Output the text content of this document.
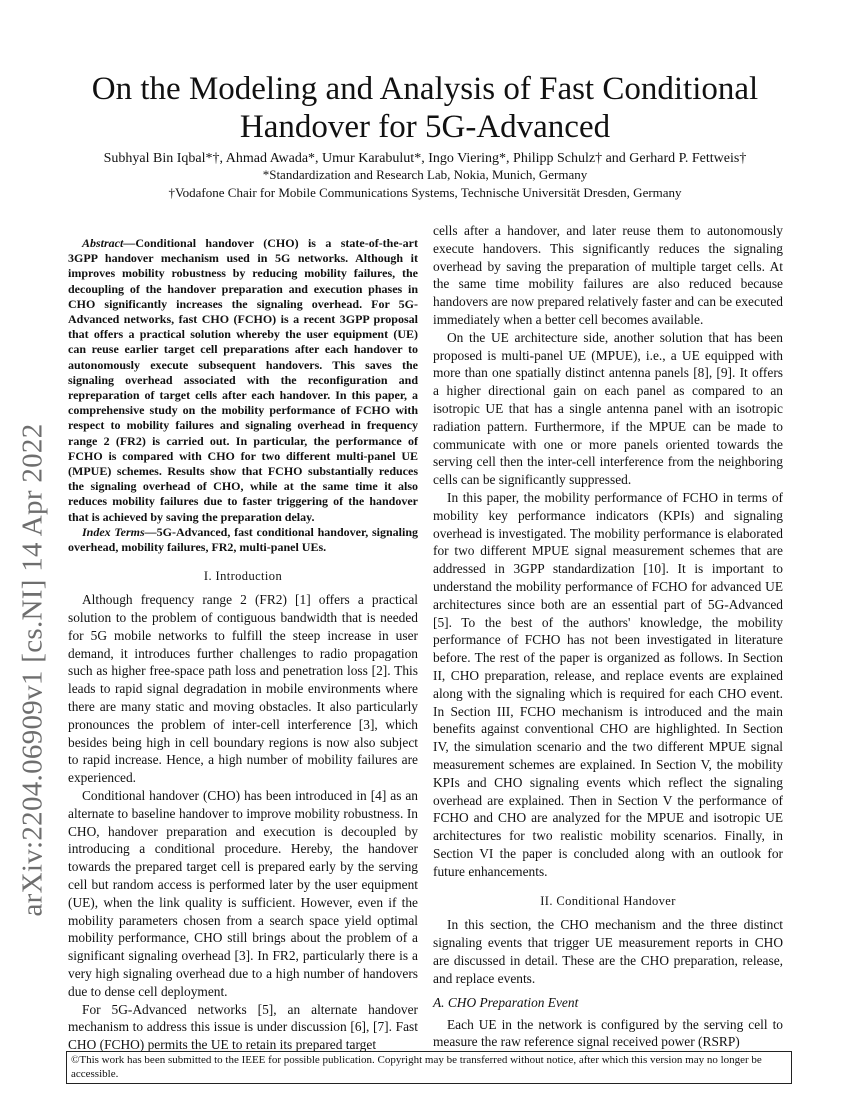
arXiv:2204.06909v1 [cs.NI] 14 Apr 2022
On the Modeling and Analysis of Fast Conditional
Handover for 5G-Advanced
Subhyal Bin Iqbal*†, Ahmad Awada*, Umur Karabulut*, Ingo Viering*, Philipp Schulz† and Gerhard P. Fettweis†
*Standardization and Research Lab, Nokia, Munich, Germany
†Vodafone Chair for Mobile Communications Systems, Technische Universität Dresden, Germany

Abstract—Conditional handover (CHO) is a state-of-the-art 3GPP handover mechanism used in 5G networks. Although it improves mobility robustness by reducing mobility failures, the decoupling of the handover preparation and execution phases in CHO significantly increases the signaling overhead. For 5G-Advanced networks, fast CHO (FCHO) is a recent 3GPP proposal that offers a practical solution whereby the user equipment (UE) can reuse earlier target cell preparations after each handover to autonomously execute subsequent handovers. This saves the signaling overhead associated with the reconfiguration and repreparation of target cells after each handover. In this paper, a comprehensive study on the mobility performance of FCHO with respect to mobility failures and signaling overhead in frequency range 2 (FR2) is carried out. In particular, the performance of FCHO is compared with CHO for two different multi-panel UE (MPUE) schemes. Results show that FCHO substantially reduces the signaling overhead of CHO, while at the same time it also reduces mobility failures due to faster triggering of the handover that is achieved by saving the preparation delay.

Index Terms—5G-Advanced, fast conditional handover, signaling overhead, mobility failures, FR2, multi-panel UEs.

I. Introduction

Although frequency range 2 (FR2) [1] offers a practical solution to the problem of contiguous bandwidth that is needed for 5G mobile networks to fulfill the steep increase in user demand, it introduces further challenges to radio propagation such as higher free-space path loss and penetration loss [2]. This leads to rapid signal degradation in mobile environments where there are many static and moving obstacles. It also particularly pronounces the problem of inter-cell interference [3], which besides being high in cell boundary regions is now also subject to rapid increase. Hence, a high number of mobility failures are experienced.

Conditional handover (CHO) has been introduced in [4] as an alternate to baseline handover to improve mobility robustness. In CHO, handover preparation and execution is decoupled by introducing a conditional procedure. Hereby, the handover towards the prepared target cell is prepared early by the serving cell but random access is performed later by the user equipment (UE), when the link quality is sufficient. However, even if the mobility parameters chosen from a search space yield optimal mobility performance, CHO still brings about the problem of a significant signaling overhead [3]. In FR2, particularly there is a very high signaling overhead due to a high number of handovers due to dense cell deployment.

For 5G-Advanced networks [5], an alternate handover mechanism to address this issue is under discussion [6], [7]. Fast CHO (FCHO) permits the UE to retain its prepared target

cells after a handover, and later reuse them to autonomously execute handovers. This significantly reduces the signaling overhead by saving the preparation of multiple target cells. At the same time mobility failures are also reduced because handovers are now prepared relatively faster and can be executed immediately when a better cell becomes available.

On the UE architecture side, another solution that has been proposed is multi-panel UE (MPUE), i.e., a UE equipped with more than one spatially distinct antenna panels [8], [9]. It offers a higher directional gain on each panel as compared to an isotropic UE that has a single antenna panel with an isotropic radiation pattern. Furthermore, if the MPUE can be made to communicate with one or more panels oriented towards the serving cell then the inter-cell interference from the neighboring cells can be significantly suppressed.

In this paper, the mobility performance of FCHO in terms of mobility key performance indicators (KPIs) and signaling overhead is investigated. The mobility performance is elaborated for two different MPUE signal measurement schemes that are addressed in 3GPP standardization [10]. It is important to understand the mobility performance of FCHO for advanced UE architectures since both are an essential part of 5G-Advanced [5]. To the best of the authors' knowledge, the mobility performance of FCHO has not been investigated in literature before. The rest of the paper is organized as follows. In Section II, CHO preparation, release, and replace events are explained along with the signaling which is required for each CHO event. In Section III, FCHO mechanism is introduced and the main benefits against conventional CHO are highlighted. In Section IV, the simulation scenario and the two different MPUE signal measurement schemes are explained. In Section V, the mobility KPIs and CHO signaling events which reflect the signaling overhead are explained. Then in Section V the performance of FCHO and CHO are analyzed for the MPUE and isotropic UE architectures for two realistic mobility scenarios. Finally, in Section VI the paper is concluded along with an outlook for future enhancements.

II. Conditional Handover

In this section, the CHO mechanism and the three distinct signaling events that trigger UE measurement reports in CHO are discussed in detail. These are the CHO preparation, release, and replace events.

A. CHO Preparation Event

Each UE in the network is configured by the serving cell to measure the raw reference signal received power (RSRP)

©This work has been submitted to the IEEE for possible publication. Copyright may be transferred without notice, after which this version may no longer be accessible.
